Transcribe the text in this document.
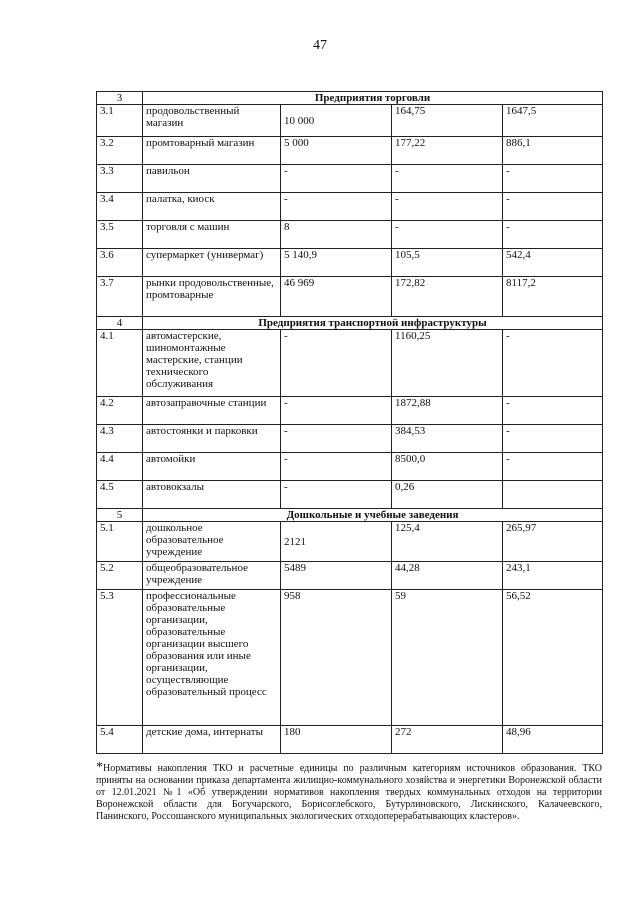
47
3	Предприятия торговли			
3.1	продовольственный магазин	10 000	164,75	1647,5
3.2	промтоварный магазин	5 000	177,22	886,1
3.3	павильон	-	-	-
3.4	палатка, киоск	-	-	-
3.5	торговля с машин	8	-	-
3.6	супермаркет (универмаг)	5 140,9	105,5	542,4
3.7	рынки продовольственные, промтоварные	46 969	172,82	8117,2
4	Предприятия транспортной инфраструктуры			
4.1	автомастерские, шиномонтажные мастерские, станции технического обслуживания	-	1160,25	-
4.2	автозаправочные станции	-	1872,88	-
4.3	автостоянки и парковки	-	384,53	-
4.4	автомойки	-	8500,0	-
4.5	автовокзалы	-	0,26	
5	Дошкольные и учебные заведения			
5.1	дошкольное образовательное учреждение	2121	125,4	265,97
5.2	общеобразовательное учреждение	5489	44,28	243,1
5.3	профессиональные образовательные организации, образовательные организации высшего образования или иные организации, осуществляющие образовательный процесс	958	59	56,52
5.4	детские дома, интернаты	180	272	48,96
*Нормативы накопления ТКО и расчетные единицы по различным категориям источников образования. ТКО приняты на основании приказа департамента жилищно-коммунального хозяйства и энергетики Воронежской области от 12.01.2021 №1 «Об утверждении нормативов накопления твердых коммунальных отходов на территории Воронежской области для Богучарского, Борисоглебского, Бутурлиновского, Лискинского, Калачеевского, Панинского, Россошанского муниципальных экологических отходоперерабатывающих кластеров».
